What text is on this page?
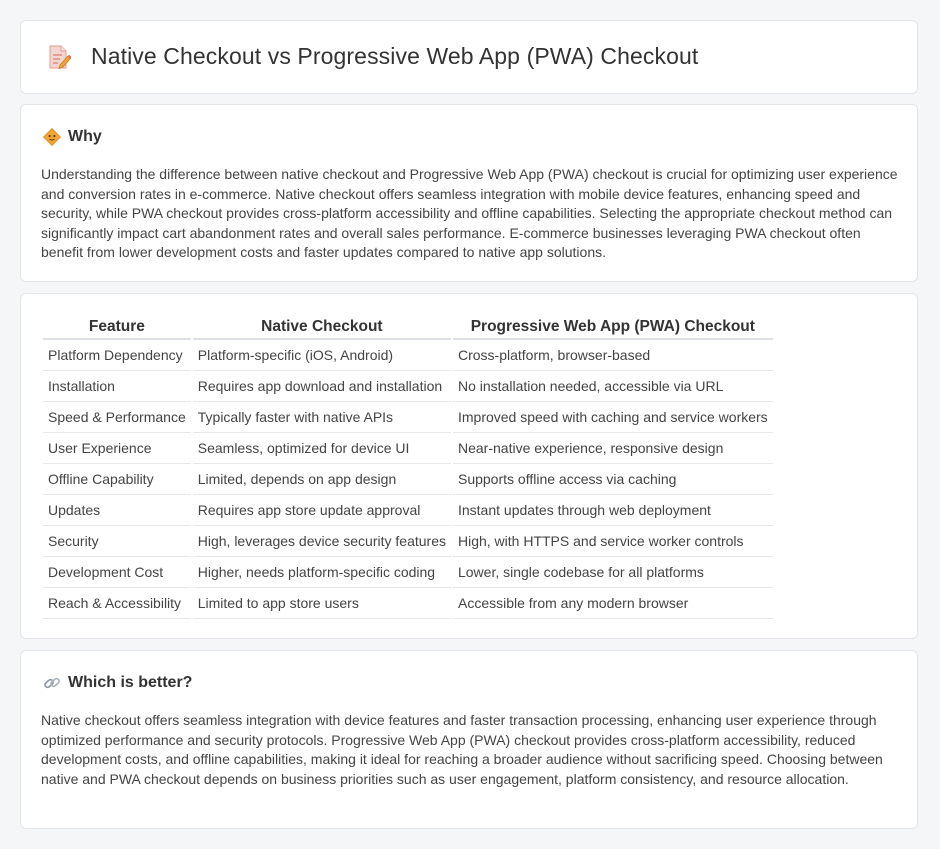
Native Checkout vs Progressive Web App (PWA) Checkout
Why

Understanding the difference between native checkout and Progressive Web App (PWA) checkout is crucial for optimizing user experience and conversion rates in e-commerce. Native checkout offers seamless integration with mobile device features, enhancing speed and security, while PWA checkout provides cross-platform accessibility and offline capabilities. Selecting the appropriate checkout method can significantly impact cart abandonment rates and overall sales performance. E-commerce businesses leveraging PWA checkout often benefit from lower development costs and faster updates compared to native app solutions.

Feature	Native Checkout	Progressive Web App (PWA) Checkout
Platform Dependency	Platform-specific (iOS, Android)	Cross-platform, browser-based
Installation	Requires app download and installation	No installation needed, accessible via URL
Speed & Performance	Typically faster with native APIs	Improved speed with caching and service workers
User Experience	Seamless, optimized for device UI	Near-native experience, responsive design
Offline Capability	Limited, depends on app design	Supports offline access via caching
Updates	Requires app store update approval	Instant updates through web deployment
Security	High, leverages device security features	High, with HTTPS and service worker controls
Development Cost	Higher, needs platform-specific coding	Lower, single codebase for all platforms
Reach & Accessibility	Limited to app store users	Accessible from any modern browser
Which is better?

Native checkout offers seamless integration with device features and faster transaction processing, enhancing user experience through optimized performance and security protocols. Progressive Web App (PWA) checkout provides cross-platform accessibility, reduced development costs, and offline capabilities, making it ideal for reaching a broader audience without sacrificing speed. Choosing between native and PWA checkout depends on business priorities such as user engagement, platform consistency, and resource allocation.
